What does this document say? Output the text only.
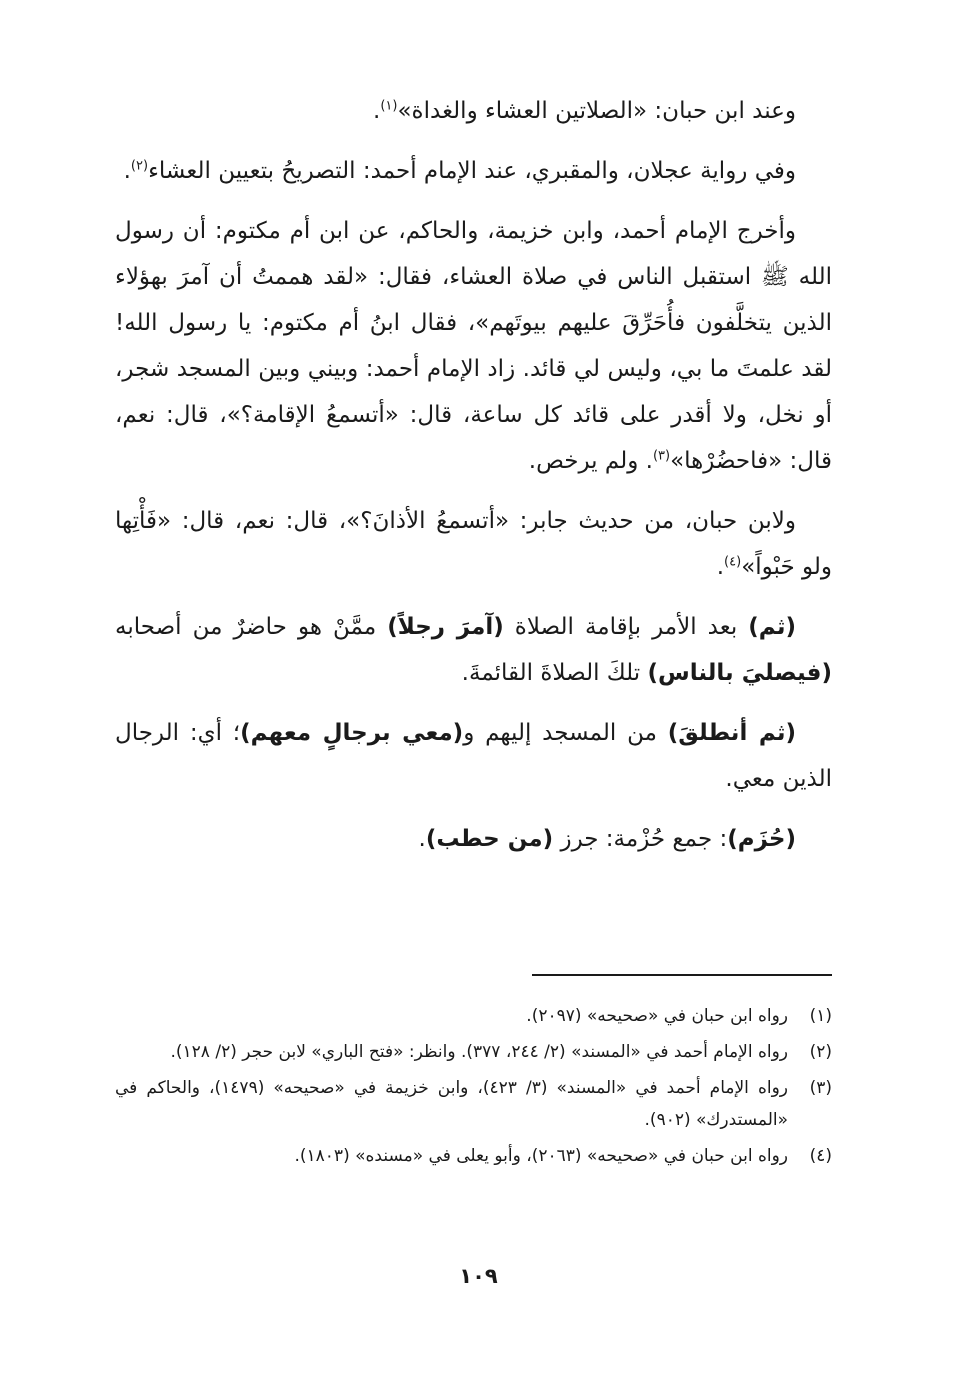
وعند ابن حبان: «الصلاتين العشاء والغداة»$^{(١)}$.

وفي رواية عجلان، والمقبري، عند الإمام أحمد: التصريحُ بتعيين العشاء$^{(٢)}$.

وأخرج الإمام أحمد، وابن خزيمة، والحاكم، عن ابن أم مكتوم: أن رسول الله ﷺ استقبل الناس في صلاة العشاء، فقال: «لقد هممتُ أن آمرَ بهؤلاء الذين يتخلَّفون فأُحَرِّقَ عليهم بيوتَهم»، فقال ابنُ أم مكتوم: يا رسول الله! لقد علمتَ ما بي، وليس لي قائد. زاد الإمام أحمد: وبيني وبين المسجد شجر، أو نخل، ولا أقدر على قائد كل ساعة، قال: «أتسمعُ الإقامة؟»، قال: نعم، قال: «فاحضُرْها»$^{(٣)}$. ولم يرخص.

ولابن حبان، من حديث جابر: «أتسمعُ الأذانَ؟»، قال: نعم، قال: «فَأْتِها ولو حَبْواً»$^{(٤)}$.

(ثم) بعد الأمر بإقامة الصلاة (آمرَ رجلاً) ممَّنْ هو حاضرٌ من أصحابه (فيصليَ بالناس) تلكَ الصلاةَ القائمةَ.

(ثم أنطلقَ) من المسجد إليهم و(معي برجالٍ معهم)؛ أي: الرجال الذين معي.

(حُزَم): جمع حُزْمة: جرز (من حطب).

(١)
رواه ابن حبان في «صحيحه» (٢٠٩٧).
(٢)
رواه الإمام أحمد في «المسند» (٢/ ٢٤٤، ٣٧٧). وانظر: «فتح الباري» لابن حجر (٢/ ١٢٨).
(٣)
رواه الإمام أحمد في «المسند» (٣/ ٤٢٣)، وابن خزيمة في «صحيحه» (١٤٧٩)، والحاكم في «المستدرك» (٩٠٢).
(٤)
رواه ابن حبان في «صحيحه» (٢٠٦٣)، وأبو يعلى في «مسنده» (١٨٠٣).
١٠٩
